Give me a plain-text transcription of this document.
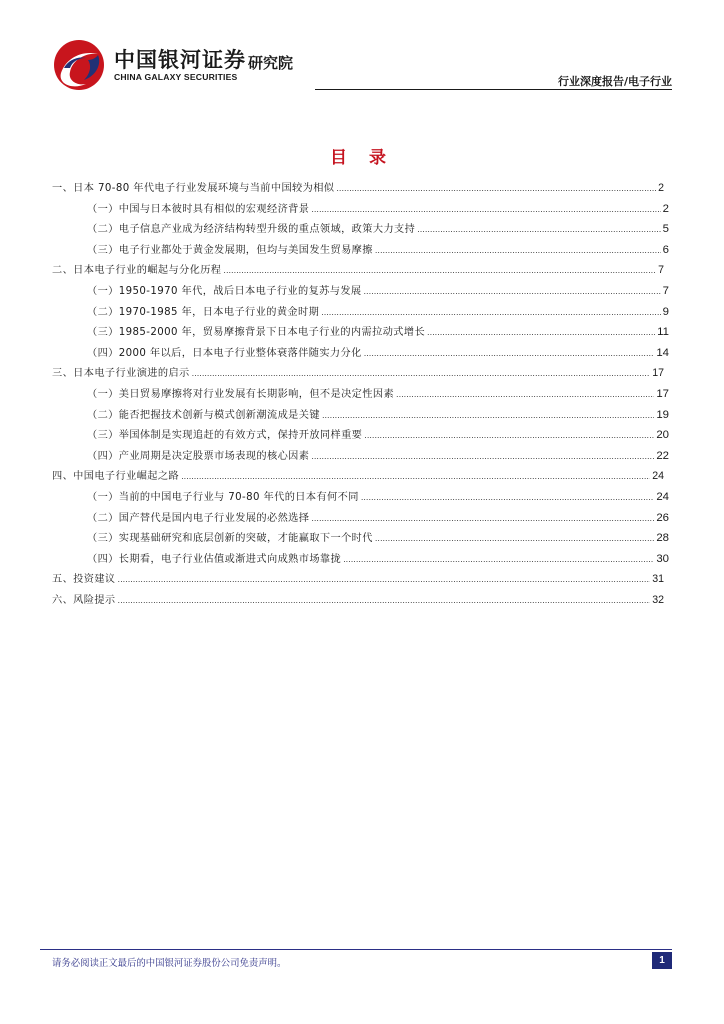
中国银河证券
CHINA GALAXY SECURITIES
研究院
行业深度报告/电子行业
目 录
一、日本 70-80 年代电子行业发展环境与当前中国较为相似 .....	2
（一）中国与日本彼时具有相似的宏观经济背景 .....	2
（二）电子信息产业成为经济结构转型升级的重点领域，政策大力支持 .....	5
（三）电子行业都处于黄金发展期，但均与美国发生贸易摩擦 .....	6
二、日本电子行业的崛起与分化历程 .....	7
（一）1950-1970 年代，战后日本电子行业的复苏与发展 .....	7
（二）1970-1985 年，日本电子行业的黄金时期 .....	9
（三）1985-2000 年，贸易摩擦背景下日本电子行业的内需拉动式增长 .....	11
（四）2000 年以后，日本电子行业整体衰落伴随实力分化 .....	14
三、日本电子行业演进的启示 .....	17
（一）美日贸易摩擦将对行业发展有长期影响，但不是决定性因素 .....	17
（二）能否把握技术创新与模式创新潮流成是关键 .....	19
（三）举国体制是实现追赶的有效方式，保持开放同样重要 .....	20
（四）产业周期是决定股票市场表现的核心因素 .....	22
四、中国电子行业崛起之路 .....	24
（一）当前的中国电子行业与 70-80 年代的日本有何不同 .....	24
（二）国产替代是国内电子行业发展的必然选择 .....	26
（三）实现基础研究和底层创新的突破，才能赢取下一个时代 .....	28
（四）长期看，电子行业估值或渐进式向成熟市场靠拢 .....	30
五、投资建议 .....	31
六、风险提示 .....	32
请务必阅读正文最后的中国银河证券股份公司免责声明。	1
